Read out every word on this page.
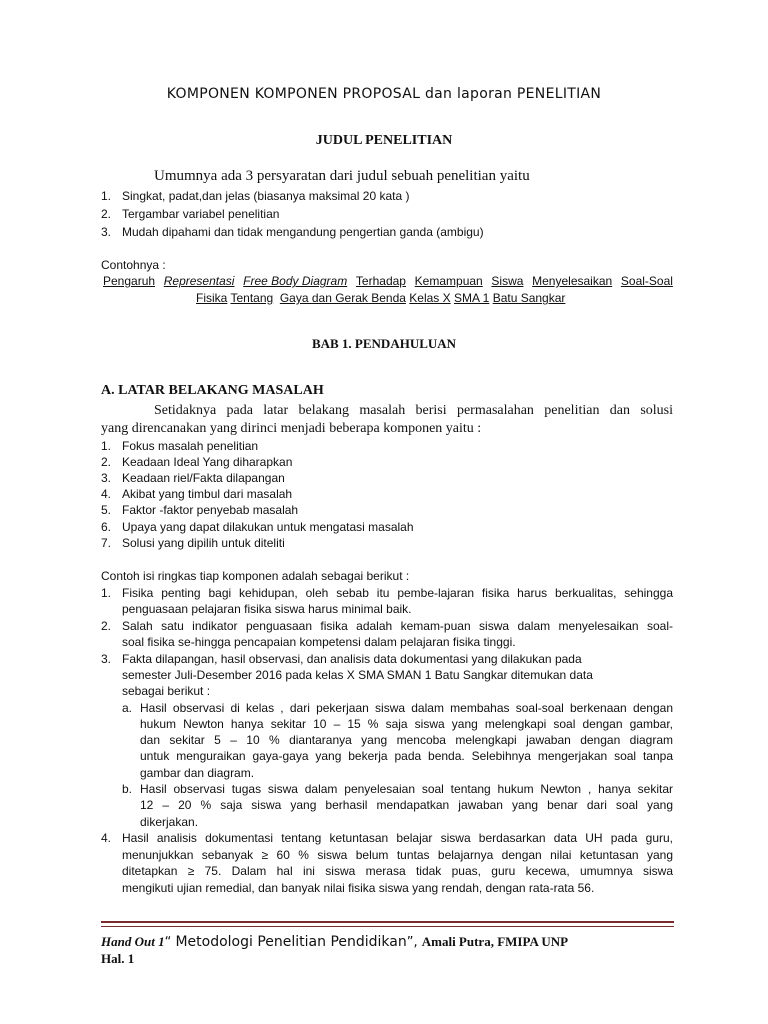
KOMPONEN KOMPONEN PROPOSAL dan laporan PENELITIAN
JUDUL PENELITIAN
Umumnya ada 3 persyaratan dari judul sebuah penelitian yaitu
1. Singkat, padat,dan jelas (biasanya maksimal 20 kata )
2. Tergambar variabel penelitian
3. Mudah dipahami dan tidak mengandung pengertian ganda (ambigu)
Contohnya :
Pengaruh Representasi Free Body Diagram Terhadap Kemampuan Siswa Menyelesaikan Soal-Soal
Fisika Tentang Gaya dan Gerak Benda Kelas X SMA 1 Batu Sangkar
BAB 1. PENDAHULUAN
A. LATAR BELAKANG MASALAH
Setidaknya pada latar belakang masalah berisi permasalahan penelitian dan solusi
yang direncanakan yang dirinci menjadi beberapa komponen yaitu :
1. Fokus masalah penelitian
2. Keadaan Ideal Yang diharapkan
3. Keadaan riel/Fakta dilapangan
4. Akibat yang timbul dari masalah
5. Faktor -faktor penyebab masalah
6. Upaya yang dapat dilakukan untuk mengatasi masalah
7. Solusi yang dipilih untuk diteliti
Contoh isi ringkas tiap komponen adalah sebagai berikut :
1. Fisika penting bagi kehidupan, oleh sebab itu pembe-lajaran fisika harus berkualitas, sehingga
penguasaan pelajaran fisika siswa harus minimal baik.
2. Salah satu indikator penguasaan fisika adalah kemam-puan siswa dalam menyelesaikan soal-
soal fisika se-hingga pencapaian kompetensi dalam pelajaran fisika tinggi.
3. Fakta dilapangan, hasil observasi, dan analisis data dokumentasi yang dilakukan pada
semester Juli-Desember 2016 pada kelas X SMA SMAN 1 Batu Sangkar ditemukan data
sebagai berikut :
a. Hasil observasi di kelas , dari pekerjaan siswa dalam membahas soal-soal berkenaan dengan
hukum Newton hanya sekitar 10 – 15 % saja siswa yang melengkapi soal dengan gambar,
dan sekitar 5 – 10 % diantaranya yang mencoba melengkapi jawaban dengan diagram
untuk menguraikan gaya-gaya yang bekerja pada benda. Selebihnya mengerjakan soal tanpa
gambar dan diagram.
b. Hasil observasi tugas siswa dalam penyelesaian soal tentang hukum Newton , hanya sekitar
12 – 20 % saja siswa yang berhasil mendapatkan jawaban yang benar dari soal yang
dikerjakan.
4. Hasil analisis dokumentasi tentang ketuntasan belajar siswa berdasarkan data UH pada guru,
menunjukkan sebanyak ≥ 60 % siswa belum tuntas belajarnya dengan nilai ketuntasan yang
ditetapkan ≥ 75. Dalam hal ini siswa merasa tidak puas, guru kecewa, umumnya siswa
mengikuti ujian remedial, dan banyak nilai fisika siswa yang rendah, dengan rata-rata 56.
Hand Out 1“ Metodologi Penelitian Pendidikan”, Amali Putra, FMIPA UNP
Hal. 1
